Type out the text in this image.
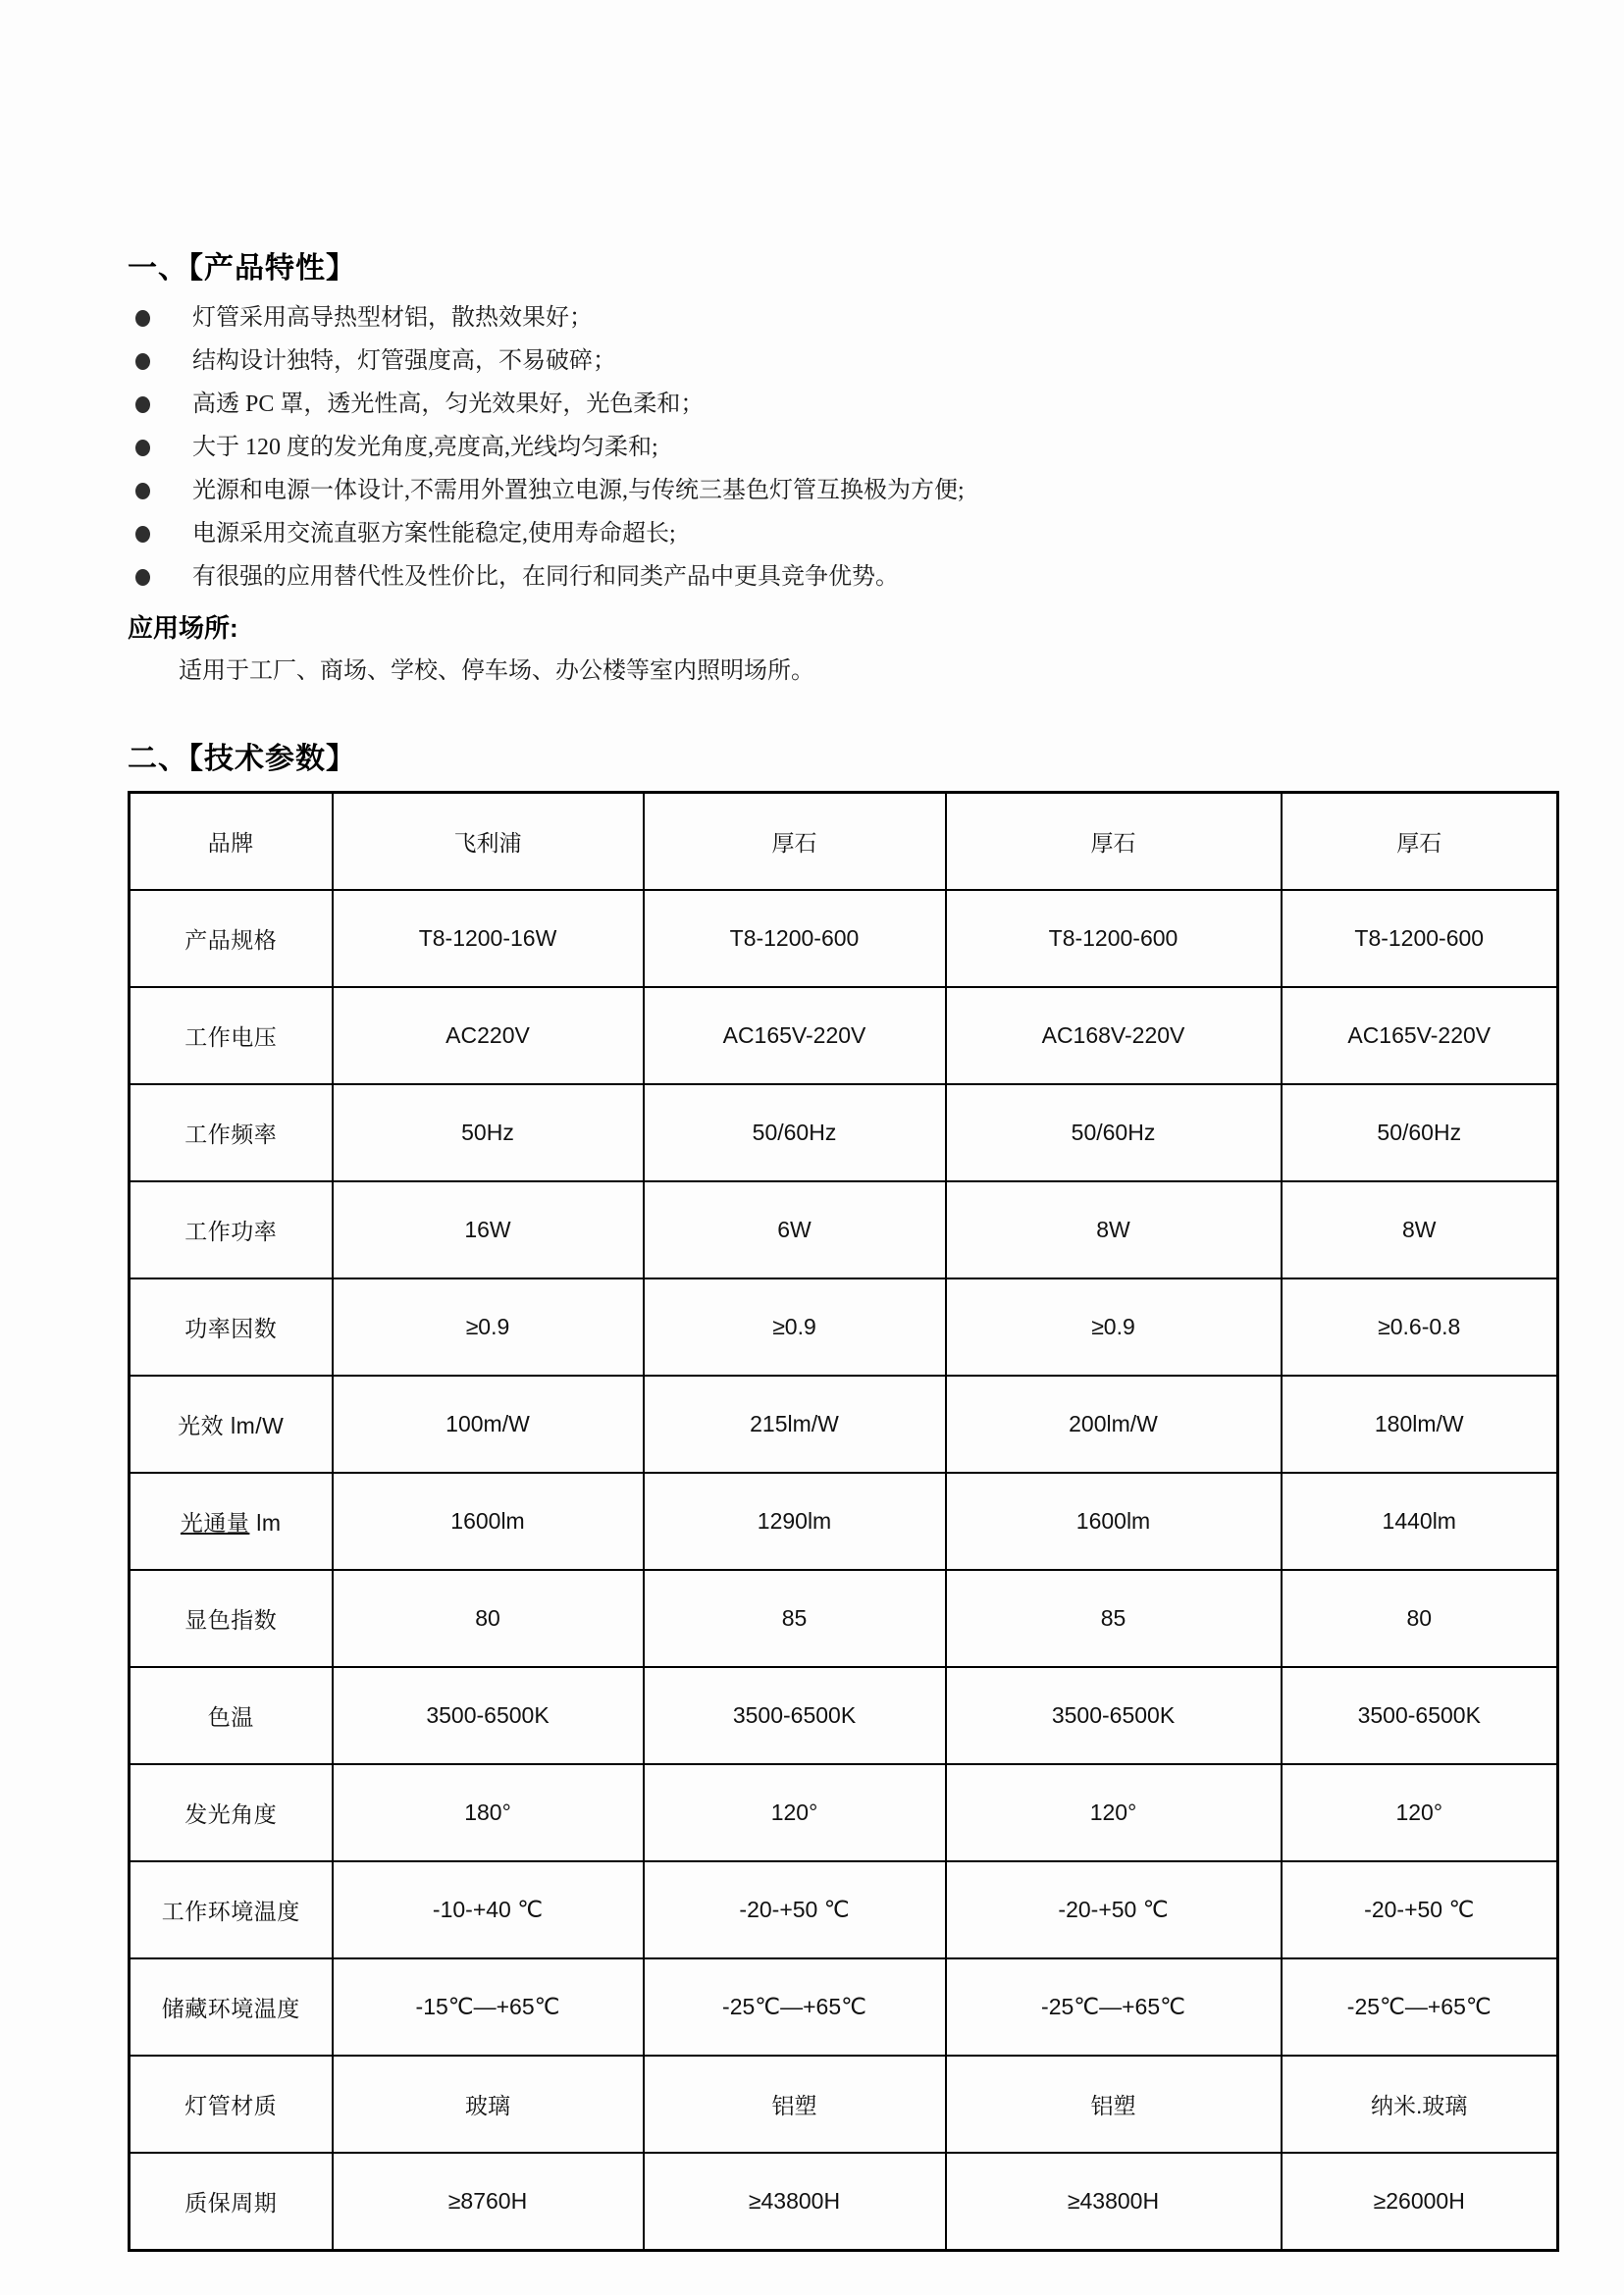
一、【产品特性】
灯管采用高导热型材铝，散热效果好；
结构设计独特，灯管强度高，不易破碎；
高透 PC 罩，透光性高，匀光效果好，光色柔和；
大于 120 度的发光角度,亮度高,光线均匀柔和;
光源和电源一体设计,不需用外置独立电源,与传统三基色灯管互换极为方便;
电源采用交流直驱方案性能稳定,使用寿命超长;
有很强的应用替代性及性价比，在同行和同类产品中更具竞争优势。
应用场所:
适用于工厂、商场、学校、停车场、办公楼等室内照明场所。
二、【技术参数】
品牌	飞利浦	厚石	厚石	厚石
产品规格	T8-1200-16W	T8-1200-600	T8-1200-600	T8-1200-600
工作电压	AC220V	AC165V-220V	AC168V-220V	AC165V-220V
工作频率	50Hz	50/60Hz	50/60Hz	50/60Hz
工作功率	16W	6W	8W	8W
功率因数	≥0.9	≥0.9	≥0.9	≥0.6-0.8
光效 lm/W	100m/W	215lm/W	200lm/W	180lm/W
光通量 lm	1600lm	1290lm	1600lm	1440lm
显色指数	80	85	85	80
色温	3500-6500K	3500-6500K	3500-6500K	3500-6500K
发光角度	180°	120°	120°	120°
工作环境温度	-10-+40 ℃	-20-+50 ℃	-20-+50 ℃	-20-+50 ℃
储藏环境温度	-15℃—+65℃	-25℃—+65℃	-25℃—+65℃	-25℃—+65℃
灯管材质	玻璃	铝塑	铝塑	纳米.玻璃
质保周期	≥8760H	≥43800H	≥43800H	≥26000H
